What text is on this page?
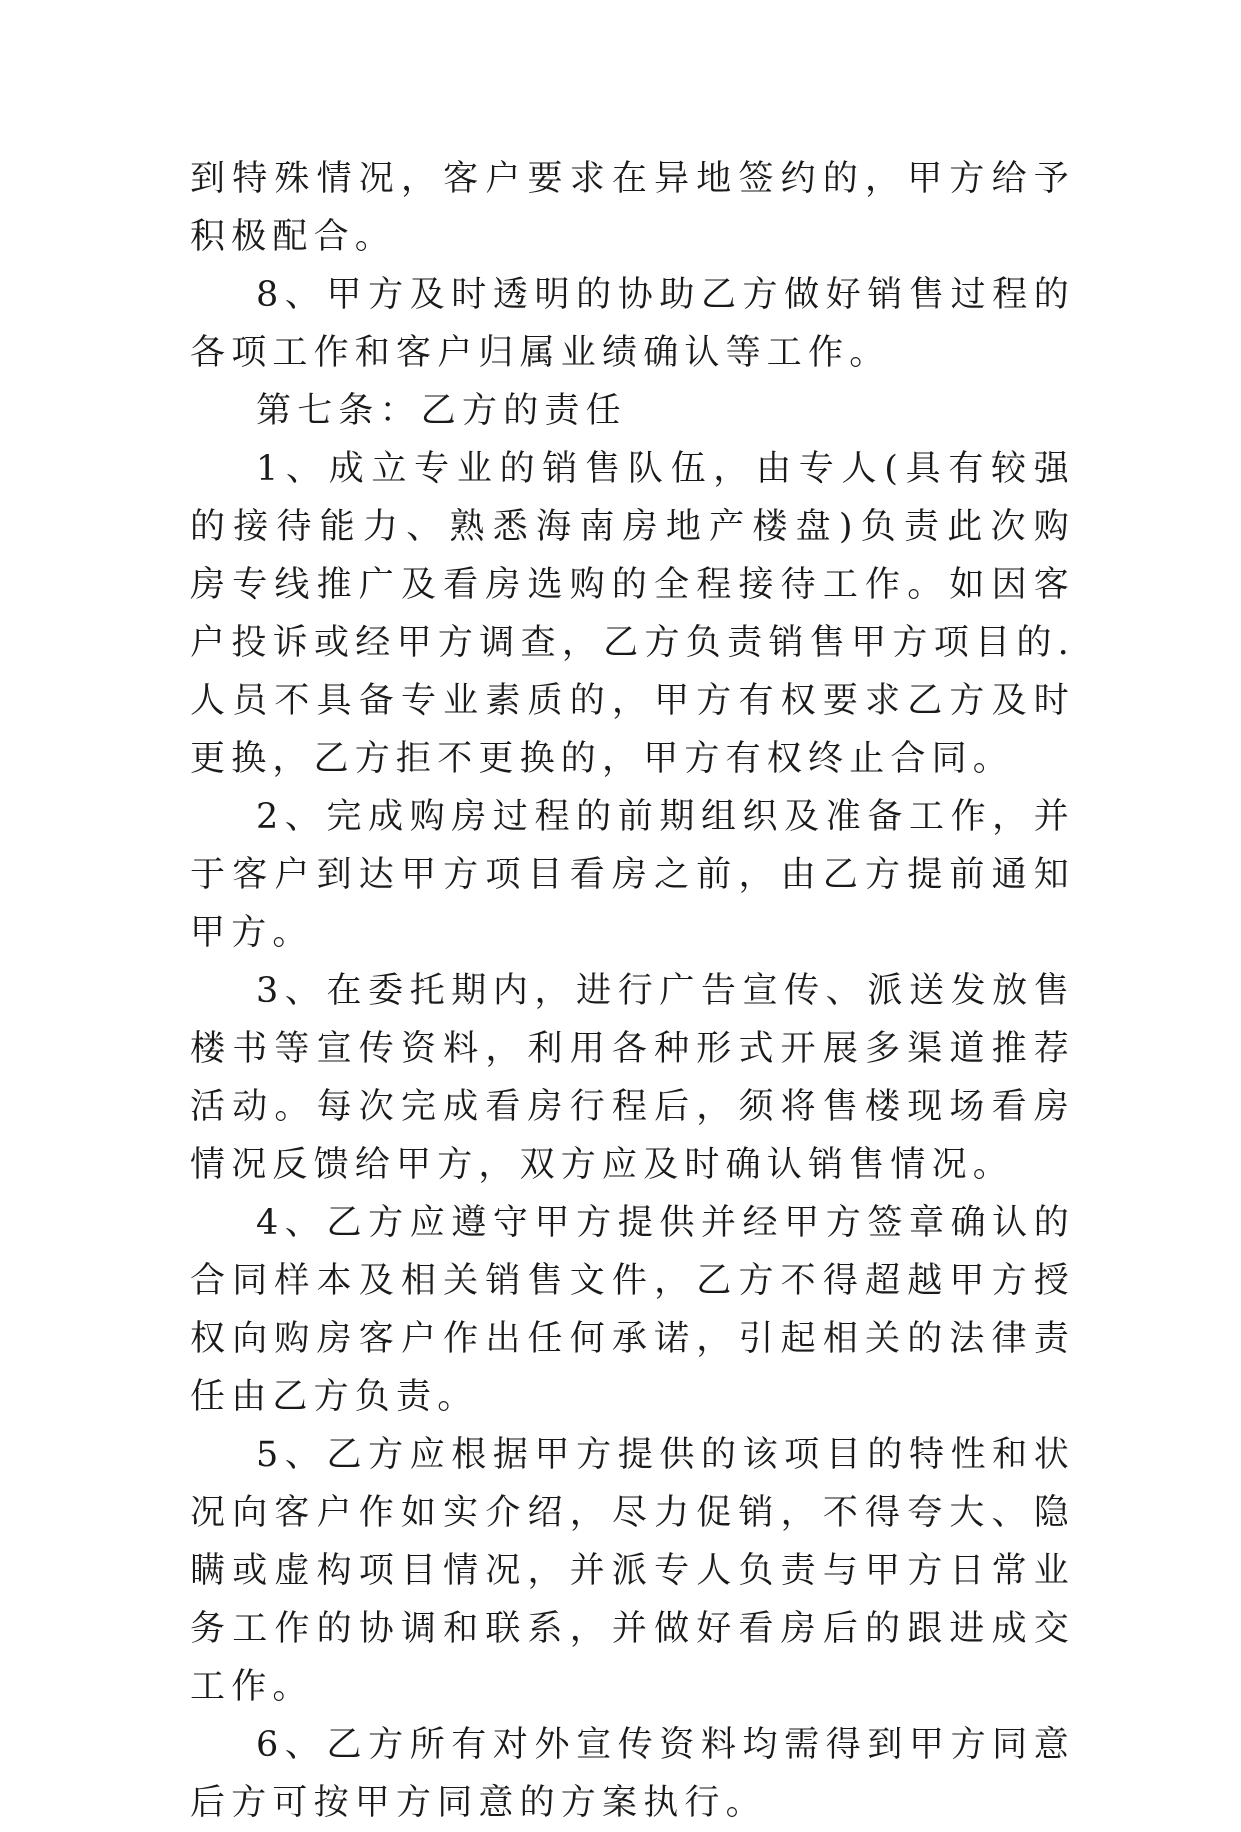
到特殊情况，客户要求在异地签约的，甲方给予积极配合。

8、甲方及时透明的协助乙方做好销售过程的各项工作和客户归属业绩确认等工作。

第七条：乙方的责任

1、成立专业的销售队伍，由专人(具有较强的接待能力、熟悉海南房地产楼盘)负责此次购房专线推广及看房选购的全程接待工作。如因客户投诉或经甲方调查，乙方负责销售甲方项目的.人员不具备专业素质的，甲方有权要求乙方及时更换，乙方拒不更换的，甲方有权终止合同。

2、完成购房过程的前期组织及准备工作，并于客户到达甲方项目看房之前，由乙方提前通知甲方。

3、在委托期内，进行广告宣传、派送发放售楼书等宣传资料，利用各种形式开展多渠道推荐活动。每次完成看房行程后，须将售楼现场看房情况反馈给甲方，双方应及时确认销售情况。

4、乙方应遵守甲方提供并经甲方签章确认的合同样本及相关销售文件，乙方不得超越甲方授权向购房客户作出任何承诺，引起相关的法律责任由乙方负责。

5、乙方应根据甲方提供的该项目的特性和状况向客户作如实介绍，尽力促销，不得夸大、隐瞒或虚构项目情况，并派专人负责与甲方日常业务工作的协调和联系，并做好看房后的跟进成交工作。

6、乙方所有对外宣传资料均需得到甲方同意后方可按甲方同意的方案执行。
